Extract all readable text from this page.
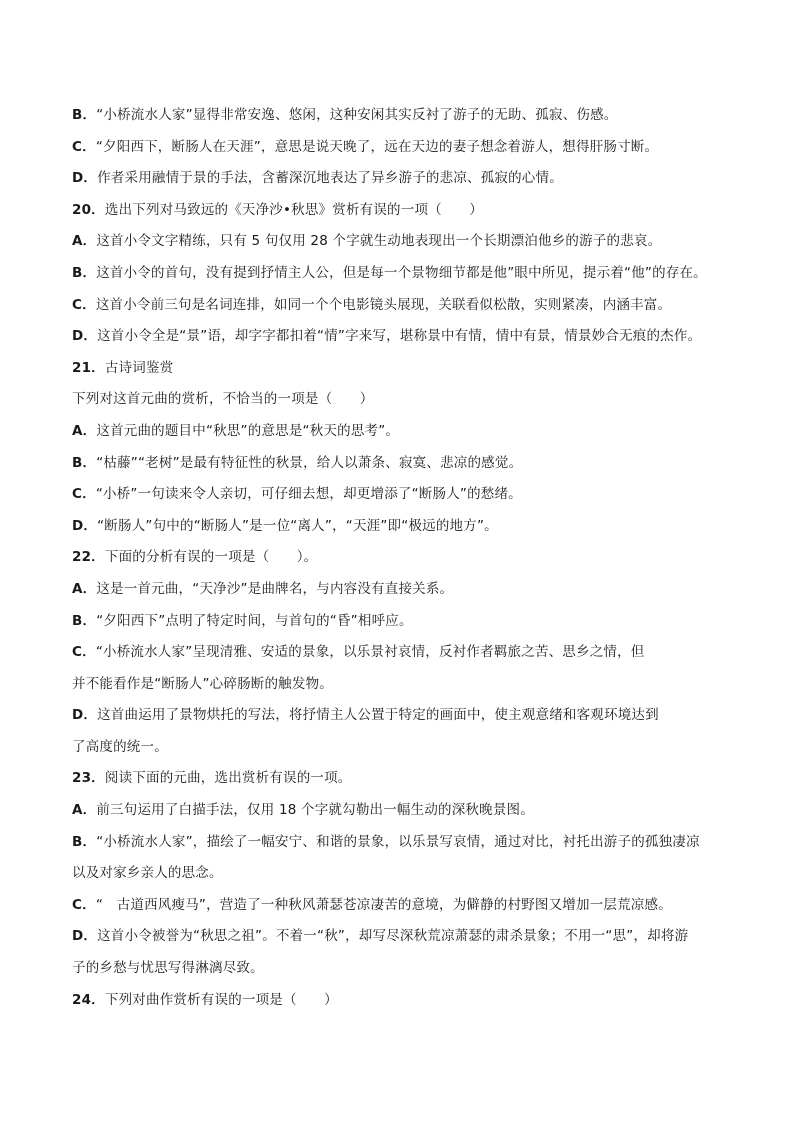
B．“小桥流水人家”显得非常安逸、悠闲，这种安闲其实反衬了游子的无助、孤寂、伤感。
C．“夕阳西下，断肠人在天涯”，意思是说天晚了，远在天边的妻子想念着游人，想得肝肠寸断。
D．作者采用融情于景的手法，含蓄深沉地表达了异乡游子的悲凉、孤寂的心情。
20．选出下列对马致远的《天净沙•秋思》赏析有误的一项（　　）
A．这首小令文字精练，只有 5 句仅用 28 个字就生动地表现出一个长期漂泊他乡的游子的悲哀。
B．这首小令的首句，没有提到抒情主人公，但是每一个景物细节都是他”眼中所见，提示着“他”的存在。
C．这首小令前三句是名词连排，如同一个个电影镜头展现，关联看似松散，实则紧凑，内涵丰富。
D．这首小令全是“景”语，却字字都扣着“情”字来写，堪称景中有情，情中有景，情景妙合无痕的杰作。
21．古诗词鉴赏
下列对这首元曲的赏析，不恰当的一项是（　　）
A．这首元曲的题目中“秋思”的意思是“秋天的思考”。
B．“枯藤”“老树”是最有特征性的秋景，给人以萧条、寂寞、悲凉的感觉。
C．“小桥”一句读来令人亲切，可仔细去想，却更增添了“断肠人”的愁绪。
D．“断肠人”句中的“断肠人”是一位“离人”，“天涯”即“极远的地方”。
22．下面的分析有误的一项是（　　）。
A．这是一首元曲，“天净沙”是曲牌名，与内容没有直接关系。
B．“夕阳西下”点明了特定时间，与首句的“昏”相呼应。
C．“小桥流水人家”呈现清雅、安适的景象，以乐景衬哀情，反衬作者羁旅之苦、思乡之情，但
并不能看作是“断肠人”心碎肠断的触发物。
D．这首曲运用了景物烘托的写法，将抒情主人公置于特定的画面中，使主观意绪和客观环境达到
了高度的统一。
23．阅读下面的元曲，选出赏析有误的一项。
A．前三句运用了白描手法，仅用 18 个字就勾勒出一幅生动的深秋晚景图。
B．“小桥流水人家”，描绘了一幅安宁、和谐的景象，以乐景写哀情，通过对比，衬托出游子的孤独凄凉
以及对家乡亲人的思念。
C．“　古道西风瘦马”，营造了一种秋风萧瑟苍凉凄苦的意境，为僻静的村野图又增加一层荒凉感。
D．这首小令被誉为“秋思之祖”。不着一“秋”，却写尽深秋荒凉萧瑟的肃杀景象；不用一“思”，却将游
子的乡愁与忧思写得淋漓尽致。
24．下列对曲作赏析有误的一项是（　　）
